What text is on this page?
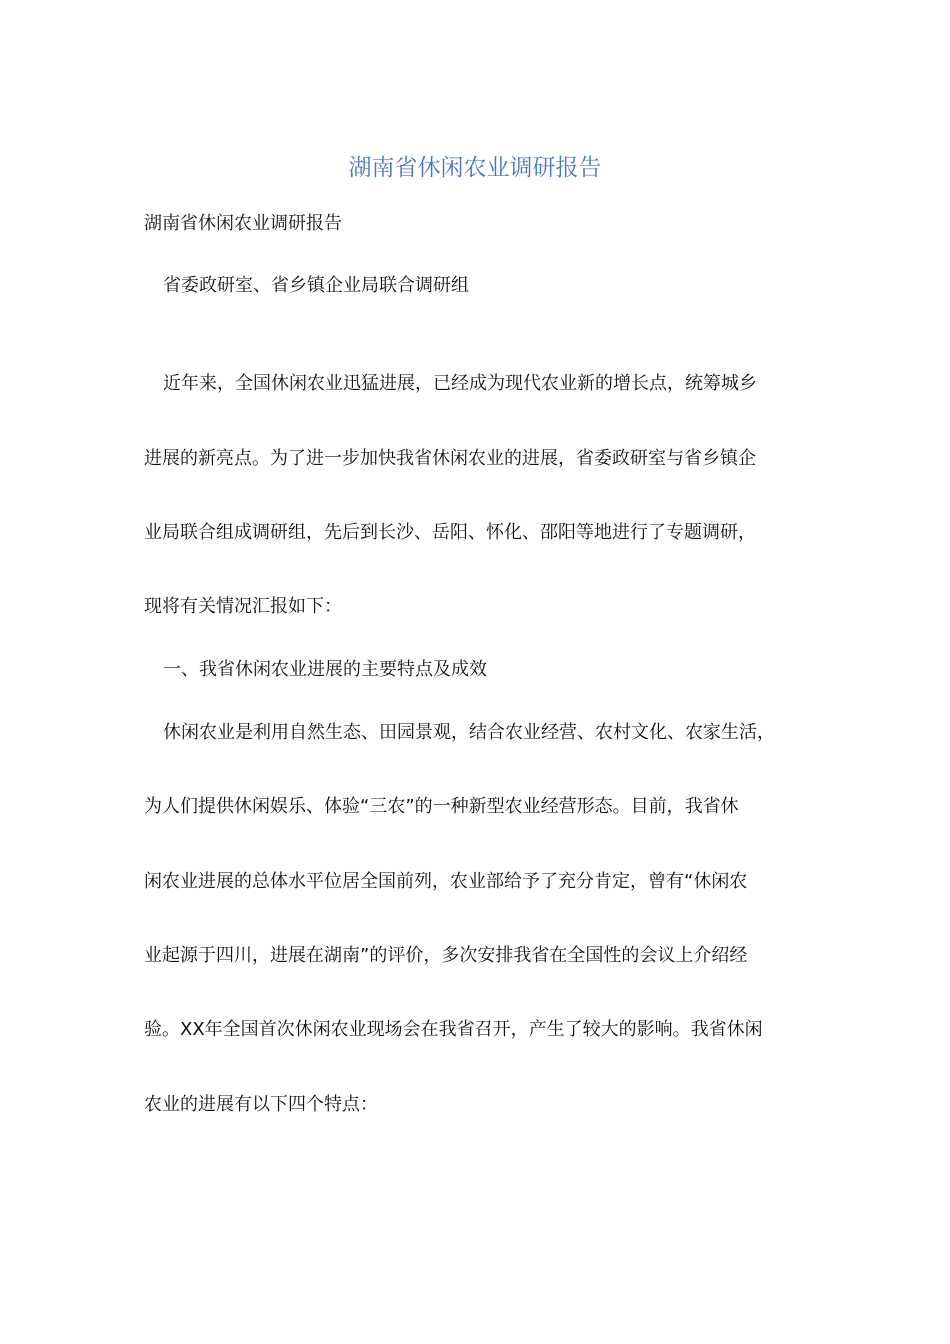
湖南省休闲农业调研报告

湖南省休闲农业调研报告

省委政研室、省乡镇企业局联合调研组

近年来，全国休闲农业迅猛进展，已经成为现代农业新的增长点，统筹城乡

进展的新亮点。为了进一步加快我省休闲农业的进展，省委政研室与省乡镇企

业局联合组成调研组，先后到长沙、岳阳、怀化、邵阳等地进行了专题调研，

现将有关情况汇报如下：

一、我省休闲农业进展的主要特点及成效

休闲农业是利用自然生态、田园景观，结合农业经营、农村文化、农家生活，

为人们提供休闲娱乐、体验“三农”的一种新型农业经营形态。目前，我省休

闲农业进展的总体水平位居全国前列，农业部给予了充分肯定，曾有“休闲农

业起源于四川，进展在湖南”的评价，多次安排我省在全国性的会议上介绍经

验。XX年全国首次休闲农业现场会在我省召开，产生了较大的影响。我省休闲

农业的进展有以下四个特点：
